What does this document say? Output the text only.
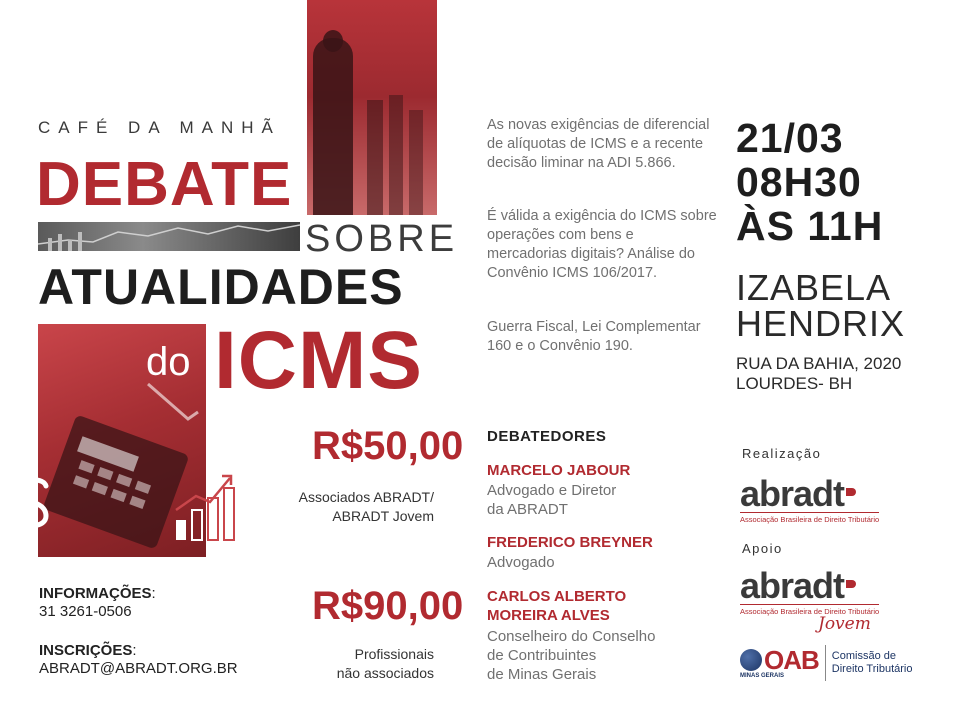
CAFÉ DA MANHÃ
DEBATE
SOBRE
ATUALIDADES
do ICMS
R$50,00
Associados ABRADT/
ABRADT Jovem
R$90,00
Profissionais
não associados
INFORMAÇÕES:
31 3261-0506
INSCRIÇÕES:
ABRADT@ABRADT.ORG.BR
As novas exigências de diferencial de alíquotas de ICMS e a recente decisão liminar na ADI 5.866.
É válida a exigência do ICMS sobre operações com bens e mercadorias digitais? Análise do Convênio ICMS 106/2017.
Guerra Fiscal, Lei Complementar 160 e o Convênio 190.
DEBATEDORES
MARCELO JABOUR
Advogado e Diretor
da ABRADT
FREDERICO BREYNER
Advogado
CARLOS ALBERTO
MOREIRA ALVES
Conselheiro do Conselho
de Contribuintes
de Minas Gerais
21/03
08H30
ÀS 11H
IZABELA
HENDRIX
RUA DA BAHIA, 2020
LOURDES- BH
Realização
abradt
Associação Brasileira de Direito Tributário
Apoio
abradt
Associação Brasileira de Direito Tributário
Jovem
OAB
MINAS GERAIS
Comissão de
Direito Tributário
